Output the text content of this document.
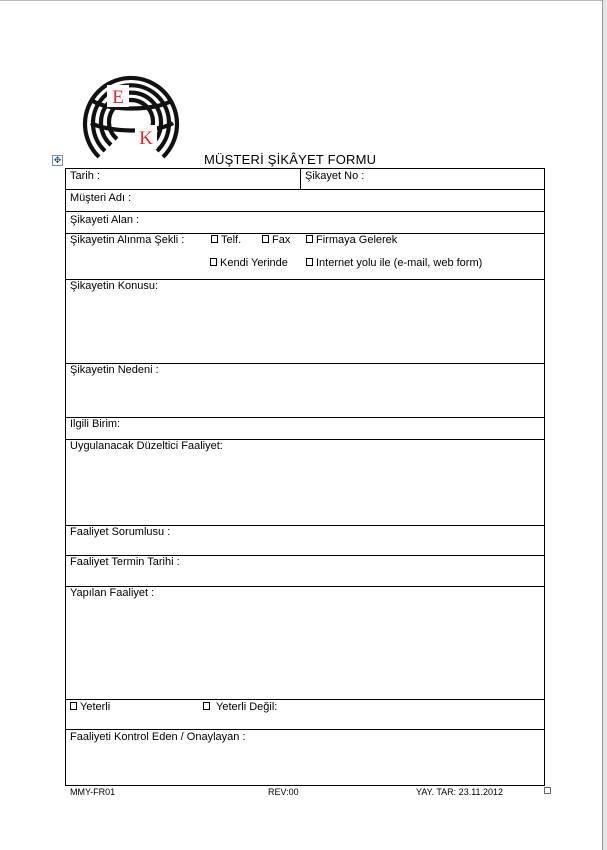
E
K
✥	MÜŞTERİ ŞİKÂYET FORMU
Tarih :	Şikayet No :
Müşteri Adı :
Şikayeti Alan :
Şikayetin Alınma Şekli :	Telf.	Fax	Firmaya Gelerek
Kendi Yerinde	Internet yolu ile (e-mail, web form)
Şikayetin Konusu:
Şikayetin Nedeni :
Ilgili Birim:
Uygulanacak Düzeltici Faaliyet:
Faaliyet Sorumlusu :
Faaliyet Termin Tarihi :
Yapılan Faaliyet :
Yeterli	Yeterli Değil:
Faaliyeti Kontrol Eden / Onaylayan :
MMY-FR01	REV:00	YAY. TAR: 23.11.2012
